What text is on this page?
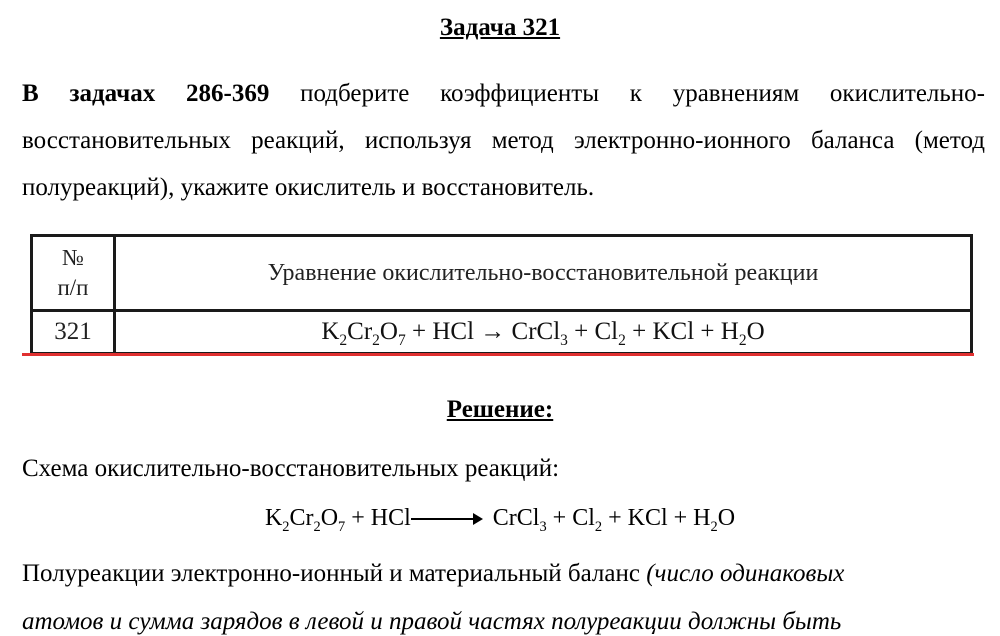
Задача 321

В задачах 286-369 подберите коэффициенты к уравнениям окислительно-восстановительных реакций, используя метод электронно-ионного баланса (метод полуреакций), укажите окислитель и восстановитель.

№
п/п	Уравнение окислительно-восстановительной реакции
321	$K_2Cr_2O_7$ + HCl → CrCl$_3$ + $Cl_2$ + KCl + $H_2O$
Решение:

Схема окислительно-восстановительных реакций:

$K_2Cr_2O_7$ + HCl	CrCl$_3$ + $Cl_2$ + KCl + $H_2O$

Полуреакции электронно-ионный и материальный баланс (число одинаковых

атомов и сумма зарядов в левой и правой частях полуреакции должны быть
